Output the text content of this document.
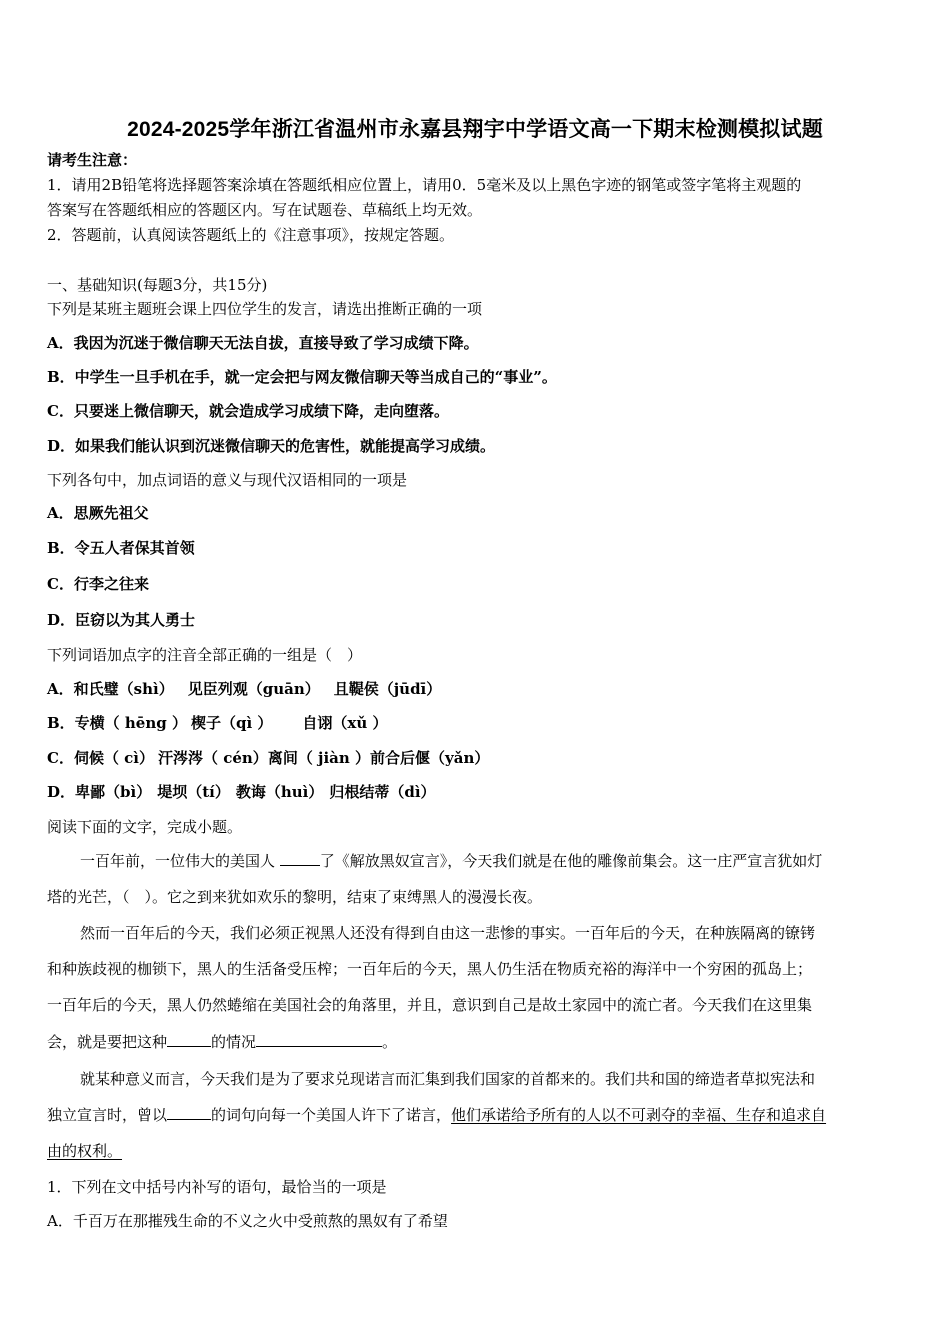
2024-2025学年浙江省温州市永嘉县翔宇中学语文高一下期末检测模拟试题
请考生注意：
1．请用2B铅笔将选择题答案涂填在答题纸相应位置上，请用0．5毫米及以上黑色字迹的钢笔或签字笔将主观题的
答案写在答题纸相应的答题区内。写在试题卷、草稿纸上均无效。
2．答题前，认真阅读答题纸上的《注意事项》，按规定答题。
一、基础知识(每题3分，共15分)
下列是某班主题班会课上四位学生的发言，请选出推断正确的一项
A．我因为沉迷于微信聊天无法自拔，直接导致了学习成绩下降。
B．中学生一旦手机在手，就一定会把与网友微信聊天等当成自己的“事业”。
C．只要迷上微信聊天，就会造成学习成绩下降，走向堕落。
D．如果我们能认识到沉迷微信聊天的危害性，就能提高学习成绩。
下列各句中，加点词语的意义与现代汉语相同的一项是
A．思厥先祖父
B．令五人者保其首领
C．行李之往来
D．臣窃以为其人勇士
下列词语加点字的注音全部正确的一组是（　）
A．和氏璧（shì） 见臣列观（guān） 且鞮侯（jūdī）
B．专横（ hēng ） 楔子（qì ） 自诩（xǔ ）
C．伺候（ cì） 汗涔涔（ cén）离间（ jiàn ）前合后偃（yǎn）
D．卑鄙（bì） 堤坝（tí） 教诲（huì） 归根结蒂（dì）
阅读下面的文字，完成小题。
一百年前，一位伟大的美国人	了《解放黑奴宣言》，今天我们就是在他的雕像前集会。这一庄严宣言犹如灯
塔的光芒，（　）。它之到来犹如欢乐的黎明，结束了束缚黑人的漫漫长夜。
然而一百年后的今天，我们必须正视黑人还没有得到自由这一悲惨的事实。一百年后的今天，在种族隔离的镣铐
和种族歧视的枷锁下，黑人的生活备受压榨；一百年后的今天，黑人仍生活在物质充裕的海洋中一个穷困的孤岛上；
一百年后的今天，黑人仍然蜷缩在美国社会的角落里，并且，意识到自己是故土家园中的流亡者。今天我们在这里集
会，就是要把这种	的情况	。
就某种意义而言，今天我们是为了要求兑现诺言而汇集到我们国家的首都来的。我们共和国的缔造者草拟宪法和
独立宣言时，曾以	的词句向每一个美国人许下了诺言，他们承诺给予所有的人以不可剥夺的幸福、生存和追求自
由的权利。
1．下列在文中括号内补写的语句，最恰当的一项是
A．千百万在那摧残生命的不义之火中受煎熬的黑奴有了希望
